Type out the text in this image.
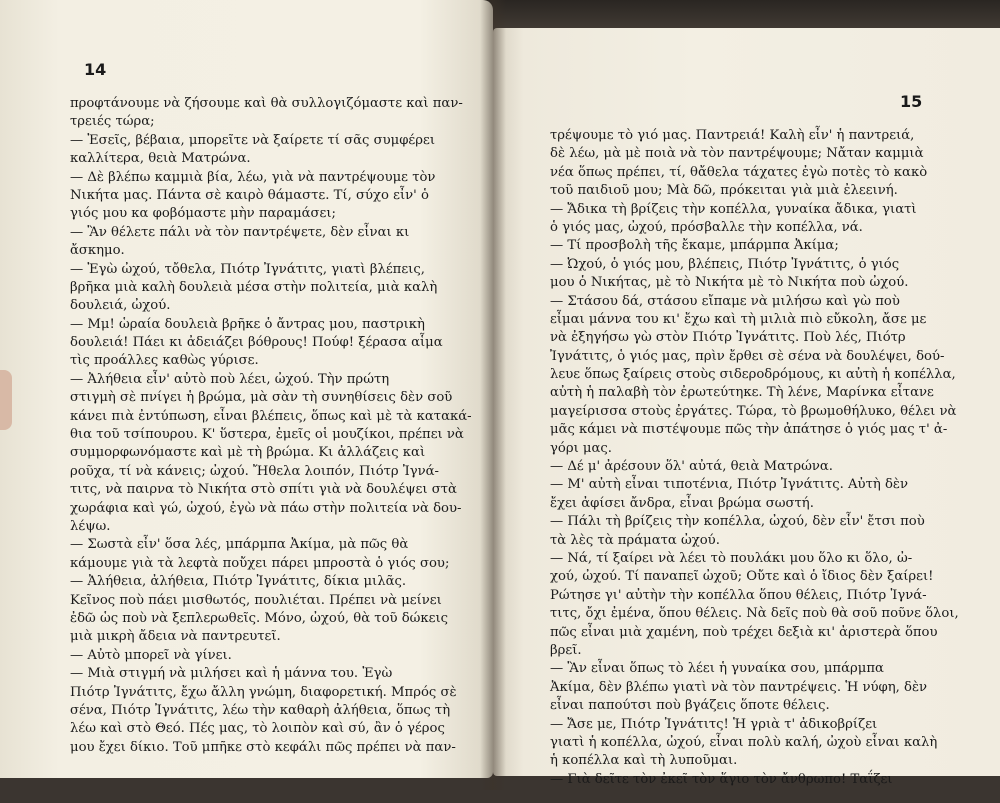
14
προφτάνουμε νὰ ζήσουμε καὶ θὰ συλλογιζόμαστε καὶ παν-
τρειές τώρα;
— Ἐσεῖς, βέβαια, μπορεῖτε νὰ ξαίρετε τί σᾶς συμφέρει
καλλίτερα, θειὰ Ματρώνα.
— Δὲ βλέπω καμμιὰ βία, λέω, γιὰ νὰ παντρέψουμε τὸν
Νικήτα μας. Πάντα σὲ καιρὸ θάμαστε. Τί, σύχο εἶν' ὁ
γιός μου κα φοβόμαστε μὴν παραμάσει;
— Ἂν θέλετε πάλι νὰ τὸν παντρέψετε, δὲν εἶναι κι
ἄσκημο.
— Ἐγὼ ὠχού, τὄθελα, Πιότρ Ἰγνάτιτς, γιατὶ βλέπεις,
βρῆκα μιὰ καλὴ δουλειὰ μέσα στὴν πολιτεία, μιὰ καλὴ
δουλειά, ὠχού.
— Μμ! ὡραία δουλειὰ βρῆκε ὁ ἄντρας μου, παστρικὴ
δουλειά! Πάει κι ἀδειάζει βόθρους! Πούφ! ξέρασα αἷμα
τὶς προάλλες καθὼς γύρισε.
— Ἀλήθεια εἶν' αὐτὸ ποὺ λέει, ὠχού. Τὴν πρώτη
στιγμὴ σὲ πνίγει ἡ βρώμα, μὰ σὰν τὴ συνηθίσεις δὲν σοῦ
κάνει πιὰ ἐντύπωση, εἶναι βλέπεις, ὅπως καὶ μὲ τὰ κατακά-
θια τοῦ τσίπουρου. Κ' ὕστερα, ἐμεῖς οἱ μουζίκοι, πρέπει νὰ
συμμορφωνόμαστε καὶ μὲ τὴ βρώμα. Κι ἀλλάζεις καὶ
ροῦχα, τί νὰ κάνεις; ὠχού. Ἤθελα λοιπόν, Πιότρ Ἰγνά-
τιτς, νὰ παιρνα τὸ Νικήτα στὸ σπίτι γιὰ νὰ δουλέψει στὰ
χωράφια καὶ γώ, ὠχού, ἐγὼ νὰ πάω στὴν πολιτεία νὰ δου-
λέψω.
— Σωστὰ εἶν' ὅσα λές, μπάρμπα Ἀκίμα, μὰ πῶς θὰ
κάμουμε γιὰ τὰ λεφτὰ ποὔχει πάρει μπροστὰ ὁ γιός σου;
— Ἀλήθεια, ἀλήθεια, Πιότρ Ἰγνάτιτς, δίκια μιλᾶς.
Κεῖνος ποὺ πάει μισθωτός, πουλιέται. Πρέπει νὰ μείνει
ἐδῶ ὡς ποὺ νὰ ξεπλερωθεῖς. Μόνο, ὠχού, θὰ τοῦ δώκεις
μιὰ μικρὴ ἄδεια νὰ παντρευτεῖ.
— Αὐτὸ μπορεῖ νὰ γίνει.
— Μιὰ στιγμή νὰ μιλήσει καὶ ἡ μάννα του. Ἐγὼ
Πιότρ Ἰγνάτιτς, ἔχω ἄλλη γνώμη, διαφορετική. Μπρός σὲ
σένα, Πιότρ Ἰγνάτιτς, λέω τὴν καθαρὴ ἀλήθεια, ὅπως τὴ
λέω καὶ στὸ Θεό. Πές μας, τὸ λοιπὸν καὶ σύ, ἂν ὁ γέρος
μου ἔχει δίκιο. Τοῦ μπῆκε στὸ κεφάλι πῶς πρέπει νὰ παν-
15
τρέψουμε τὸ γιό μας. Παντρειά! Καλὴ εἶν' ἡ παντρειά,
δὲ λέω, μὰ μὲ ποιὰ νὰ τὸν παντρέψουμε; Νἄταν καμμιὰ
νέα ὅπως πρέπει, τί, θἄθελα τάχατες ἐγὼ ποτὲς τὸ κακὸ
τοῦ παιδιοῦ μου; Μὰ δῶ, πρόκειται γιὰ μιὰ ἐλεεινή.
— Ἄδικα τὴ βρίζεις τὴν κοπέλλα, γυναίκα ἄδικα, γιατὶ
ὁ γιός μας, ὠχού, πρόσβαλλε τὴν κοπέλλα, νά.
— Τί προσβολὴ τῆς ἔκαμε, μπάρμπα Ἀκίμα;
— Ὠχού, ὁ γιός μου, βλέπεις, Πιότρ Ἰγνάτιτς, ὁ γιός
μου ὁ Νικήτας, μὲ τὸ Νικήτα μὲ τὸ Νικήτα ποὺ ὠχού.
— Στάσου δά, στάσου εἴπαμε νὰ μιλήσω καὶ γὼ ποὺ
εἶμαι μάννα του κι' ἔχω καὶ τὴ μιλιὰ πιὸ εὔκολη, ἄσε με
νὰ ἐξηγήσω γὼ στὸν Πιότρ Ἰγνάτιτς. Ποὺ λές, Πιότρ
Ἰγνάτιτς, ὁ γιός μας, πρὶν ἔρθει σὲ σένα νὰ δουλέψει, δού-
λευε ὅπως ξαίρεις στοὺς σιδεροδρόμους, κι αὐτὴ ἡ κοπέλλα,
αὐτὴ ἡ παλαβὴ τὸν ἐρωτεύτηκε. Τὴ λένε, Μαρίνκα εἶτανε
μαγείρισσα στοὺς ἐργάτες. Τώρα, τὸ βρωμοθήλυκο, θέλει νὰ
μᾶς κάμει νὰ πιστέψουμε πῶς τὴν ἀπάτησε ὁ γιός μας τ' ἀ-
γόρι μας.
— Δέ μ' ἀρέσουν ὅλ' αὐτά, θειὰ Ματρώνα.
— Μ' αὐτὴ εἶναι τιποτένια, Πιότρ Ἰγνάτιτς. Αὐτὴ δὲν
ἔχει ἀφίσει ἄνδρα, εἶναι βρώμα σωστή.
— Πάλι τὴ βρίζεις τὴν κοπέλλα, ὠχού, δὲν εἶν' ἔτσι ποὺ
τὰ λὲς τὰ πράματα ὠχού.
— Νά, τί ξαίρει νὰ λέει τὸ πουλάκι μου ὅλο κι ὅλο, ὠ-
χού, ὠχού. Τί παναπεῖ ὠχοῦ; Οὔτε καὶ ὁ ἴδιος δὲν ξαίρει!
Ρώτησε γι' αὐτὴν τὴν κοπέλλα ὅπου θέλεις, Πιότρ Ἰγνά-
τιτς, ὄχι ἐμένα, ὅπου θέλεις. Νὰ δεῖς ποὺ θὰ σοῦ πoῦνε ὅλοι,
πῶς εἶναι μιὰ χαμένη, ποὺ τρέχει δεξιὰ κι' ἀριστερὰ ὅπου
βρεῖ.
— Ἂν εἶναι ὅπως τὸ λέει ἡ γυναίκα σου, μπάρμπα
Ἀκίμα, δὲν βλέπω γιατὶ νὰ τὸν παντρέψεις. Ἡ νύφη, δὲν
εἶναι παπούτσι ποὺ βγάζεις ὅποτε θέλεις.
— Ἄσε με, Πιότρ Ἰγνάτιτς! Ἡ γριὰ τ' ἀδικοβρίζει
γιατὶ ἡ κοπέλλα, ὠχού, εἶναι πολὺ καλή, ὠχοὺ εἶναι καλὴ
ἡ κοπέλλα καὶ τὴ λυποῦμαι.
— Γιὰ δεῖτε τὸν ἐκεῖ τὸν ἅγιο τὸν ἄνθρωπο! Ταΐζει
